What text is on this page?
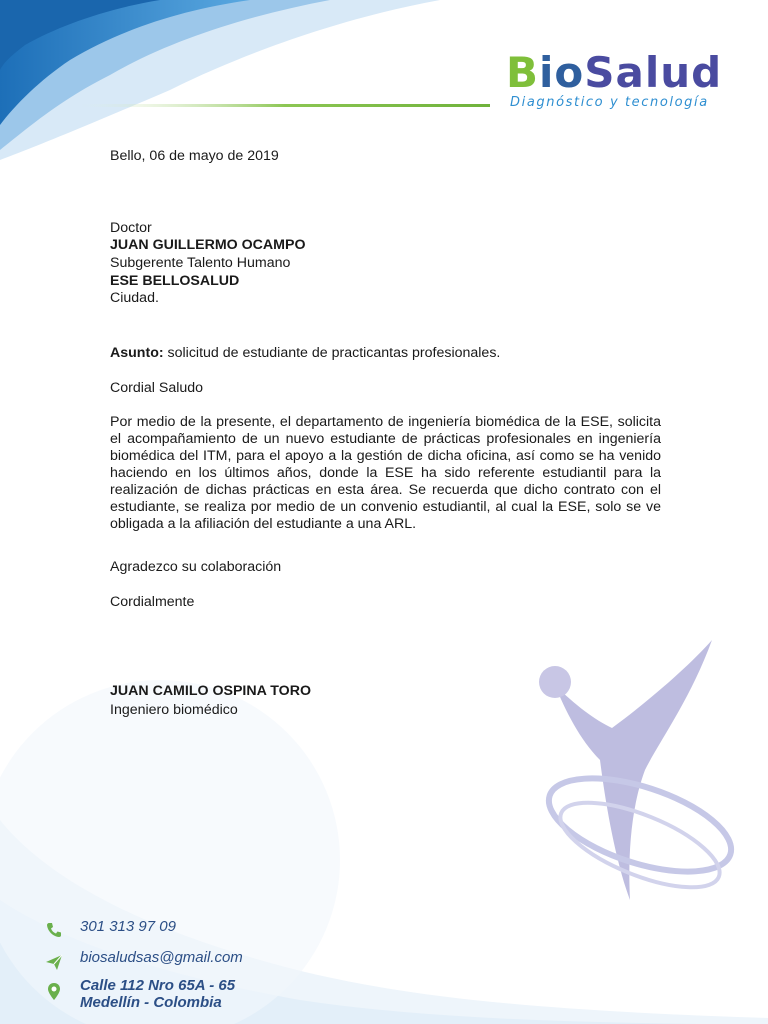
BioSalud
Diagnóstico y tecnología
Bello, 06 de mayo de 2019
Doctor
JUAN GUILLERMO OCAMPO
Subgerente Talento Humano
ESE BELLOSALUD
Ciudad.
Asunto: solicitud de estudiante de practicantas profesionales.
Cordial Saludo
Por medio de la presente, el departamento de ingeniería biomédica de la ESE, solicita el acompañamiento de un nuevo estudiante de prácticas profesionales en ingeniería biomédica del ITM, para el apoyo a la gestión de dicha oficina, así como se ha venido haciendo en los últimos años, donde la ESE ha sido referente estudiantil para la realización de dichas prácticas en esta área. Se recuerda que dicho contrato con el estudiante, se realiza por medio de un convenio estudiantil, al cual la ESE, solo se ve obligada a la afiliación del estudiante a una ARL.
Agradezco su colaboración
Cordialmente
JUAN CAMILO OSPINA TORO
Ingeniero biomédico
301 313 97 09
biosaludsas@gmail.com
Calle 112 Nro 65A - 65
Medellín - Colombia
